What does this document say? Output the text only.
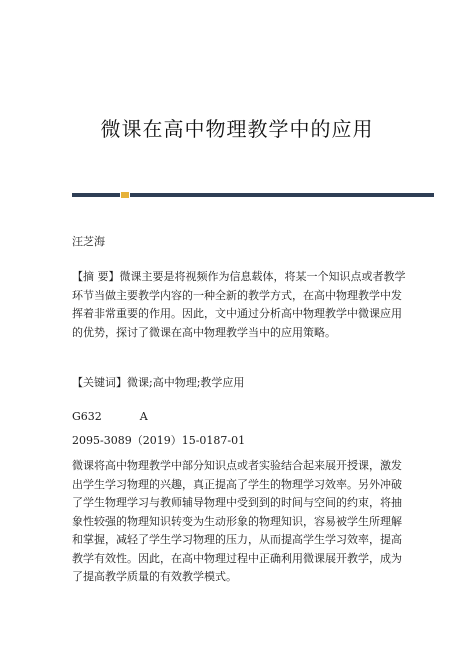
微课在高中物理教学中的应用
汪芝海
【摘 要】微课主要是将视频作为信息载体，将某一个知识点或者教学环节当做主要教学内容的一种全新的教学方式，在高中物理教学中发挥着非常重要的作用。因此，文中通过分析高中物理教学中微课应用的优势，探讨了微课在高中物理教学当中的应用策略。
【关键词】微课;高中物理;教学应用
G632	A
2095-3089（2019）15-0187-01
微课将高中物理教学中部分知识点或者实验结合起来展开授课，激发出学生学习物理的兴趣，真正提高了学生的物理学习效率。另外冲破了学生物理学习与教师辅导物理中受到到的时间与空间的约束，将抽象性较强的物理知识转变为生动形象的物理知识，容易被学生所理解和掌握，减轻了学生学习物理的压力，从而提高学生学习效率，提高教学有效性。因此，在高中物理过程中正确利用微课展开教学，成为了提高教学质量的有效教学模式。
